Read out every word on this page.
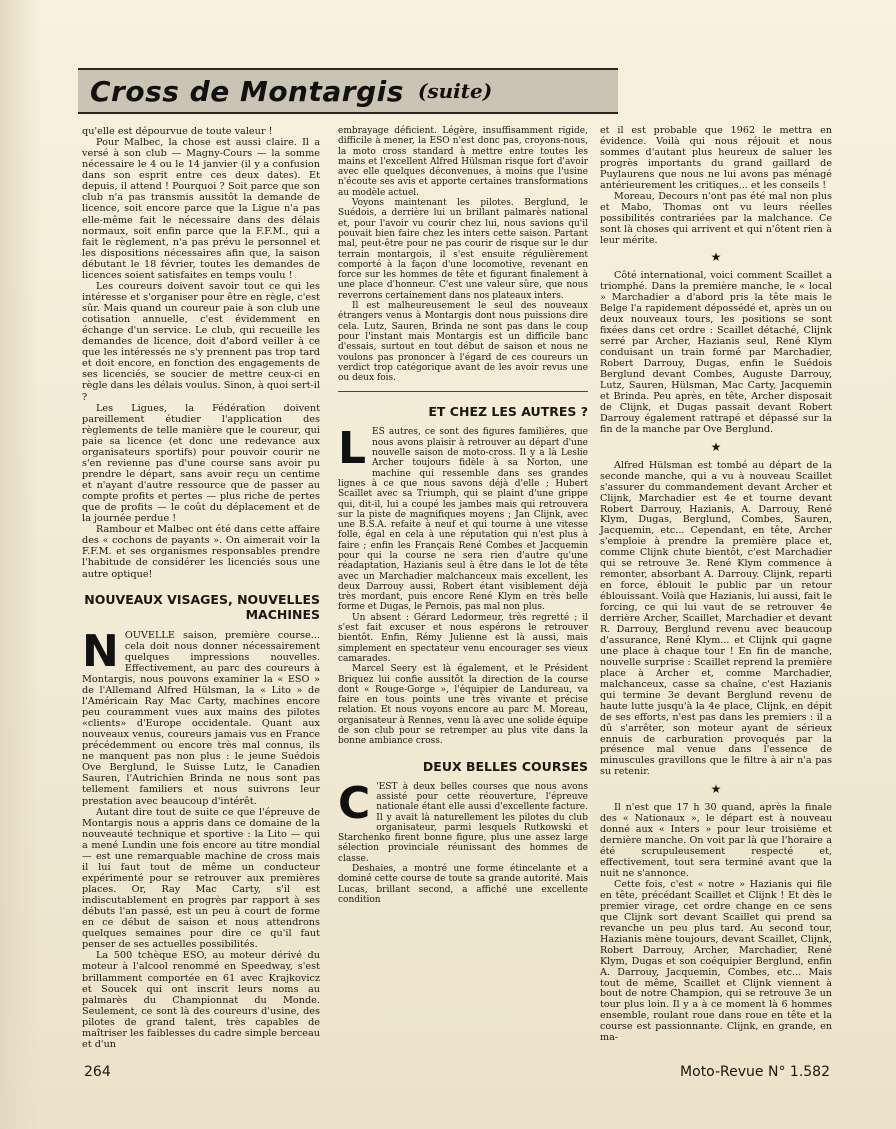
Cross de Montargis (suite)

qu'elle est dépourvue de toute valeur !

Pour Malbec, la chose est aussi claire. Il a versé à son club — Magny-Cours — la somme nécessaire le 4 ou le 14 janvier (il y a confusion dans son esprit entre ces deux dates). Et depuis, il attend ! Pourquoi ? Soit parce que son club n'a pas transmis aussitôt la demande de licence, soit encore parce que la Ligue n'a pas elle-même fait le nécessaire dans des délais normaux, soit enfin parce que la F.F.M., qui a fait le règlement, n'a pas prévu le personnel et les dispositions nécessaires afin que, la saison débutant le 18 février, toutes les demandes de licences soient satisfaites en temps voulu !

Les coureurs doivent savoir tout ce qui les intéresse et s'organiser pour être en règle, c'est sûr. Mais quand un coureur paie à son club une cotisation annuelle, c'est évidemment en échange d'un service. Le club, qui recueille les demandes de licence, doit d'abord veiller à ce que les intéressés ne s'y prennent pas trop tard et doit encore, en fonction des engagements de ses licenciés, se soucier de mettre ceux-ci en règle dans les délais voulus. Sinon, à quoi sert-il ?

Les Ligues, la Fédération doivent pareillement étudier l'application des règlements de telle manière que le coureur, qui paie sa licence (et donc une redevance aux organisateurs sportifs) pour pouvoir courir ne s'en revienne pas d'une course sans avoir pu prendre le départ, sans avoir reçu un centime et n'ayant d'autre ressource que de passer au compte profits et pertes — plus riche de pertes que de profits — le coût du déplacement et de la journée perdue !

Rambour et Malbec ont été dans cette affaire des « cochons de payants ». On aimerait voir la F.F.M. et ses organismes responsables prendre l'habitude de considérer les licenciés sous une autre optique!

NOUVEAUX VISAGES, NOUVELLES MACHINES

NOUVELLE saison, première course... cela doit nous donner nécessairement quelques impressions nouvelles. Effectivement, au parc des coureurs à Montargis, nous pouvons examiner la « ESO » de l'Allemand Alfred Hülsman, la « Lito » de l'Américain Ray Mac Carty, machines encore peu couramment vues aux mains des pilotes «clients» d'Europe occidentale. Quant aux nouveaux venus, coureurs jamais vus en France précédemment ou encore très mal connus, ils ne manquent pas non plus : le jeune Suédois Ove Berglund, le Suisse Lutz, le Canadien Sauren, l'Autrichien Brinda ne nous sont pas tellement familiers et nous suivrons leur prestation avec beaucoup d'intérêt.

Autant dire tout de suite ce que l'épreuve de Montargis nous a appris dans ce domaine de la nouveauté technique et sportive : la Lito — qui a mené Lundin une fois encore au titre mondial — est une remarquable machine de cross mais il lui faut tout de même un conducteur expérimenté pour se retrouver aux premières places. Or, Ray Mac Carty, s'il est indiscutablement en progrès par rapport à ses débuts l'an passé, est un peu à court de forme en ce début de saison et nous attendrons quelques semaines pour dire ce qu'il faut penser de ses actuelles possibilités.

La 500 tchèque ESO, au moteur dérivé du moteur à l'alcool renommé en Speedway, s'est brillamment comportée en 61 avec Krajkovicz et Soucek qui ont inscrit leurs noms au palmarès du Championnat du Monde. Seulement, ce sont là des coureurs d'usine, des pilotes de grand talent, très capables de maîtriser les faiblesses du cadre simple berceau et d'un

embrayage déficient. Légère, insuffisamment rigide, difficile à mener, la ESO n'est donc pas, croyons-nous, la moto cross standard à mettre entre toutes les mains et l'excellent Alfred Hülsman risque fort d'avoir avec elle quelques déconvenues, à moins que l'usine n'écoute ses avis et apporte certaines transformations au modèle actuel.

Voyons maintenant les pilotes. Berglund, le Suédois, a derrière lui un brillant palmarès national et, pour l'avoir vu courir chez lui, nous savions qu'il pouvait bien faire chez les inters cette saison. Partant mal, peut-être pour ne pas courir de risque sur le dur terrain montargois, il s'est ensuite régulièrement comporté à la façon d'une locomotive, revenant en force sur les hommes de tête et figurant finalement à une place d'honneur. C'est une valeur sûre, que nous reverrons certainement dans nos plateaux inters.

Il est malheureusement le seul des nouveaux étrangers venus à Montargis dont nous puissions dire cela. Lutz, Sauren, Brinda ne sont pas dans le coup pour l'instant mais Montargis est un difficile banc d'essais, surtout en tout début de saison et nous ne voulons pas prononcer à l'égard de ces coureurs un verdict trop catégorique avant de les avoir revus une ou deux fois.

ET CHEZ LES AUTRES ?

LES autres, ce sont des figures familières, que nous avons plaisir à retrouver au départ d'une nouvelle saison de moto-cross. Il y a là Leslie Archer toujours fidèle à sa Norton, une machine qui ressemble dans ses grandes lignes à ce que nous savons déjà d'elle ; Hubert Scaillet avec sa Triumph, qui se plaint d'une grippe qui, dit-il, lui a coupé les jambes mais qui retrouvera sur la piste de magnifiques moyens ; Jan Clijnk, avec une B.S.A. refaite à neuf et qui tourne à une vitesse folle, égal en cela à une réputation qui n'est plus à faire ; enfin les Français René Combes et Jacquemin pour qui la course ne sera rien d'autre qu'une réadaptation, Hazianis seul à être dans le lot de tête avec un Marchadier malchanceux mais excellent, les deux Darrouy aussi, Robert étant visiblement déjà très mordant, puis encore René Klym en très belle forme et Dugas, le Pernois, pas mal non plus.

Un absent : Gérard Ledormeur, très regretté ; il s'est fait excuser et nous espérons le retrouver bientôt. Enfin, Rémy Julienne est là aussi, mais simplement en spectateur venu encourager ses vieux camarades.

Marcel Seery est là également, et le Président Briquez lui confie aussitôt la direction de la course dont « Rouge-Gorge », l'équipier de Landureau, va faire en tous points une très vivante et précise relation. Et nous voyons encore au parc M. Moreau, organisateur à Rennes, venu là avec une solide équipe de son club pour se retremper au plus vite dans la bonne ambiance cross.

DEUX BELLES COURSES

C 'EST à deux belles courses que nous avons assisté pour cette réouverture, l'épreuve nationale étant elle aussi d'excellente facture. Il y avait là naturellement les pilotes du club organisateur, parmi lesquels Rutkowski et Starchenko firent bonne figure, plus une assez large sélection provinciale réunissant des hommes de classe.

Deshaies, a montré une forme étincelante et a dominé cette course de toute sa grande autorité. Mais Lucas, brillant second, a affiché une excellente condition

et il est probable que 1962 le mettra en évidence. Voilà qui nous réjouit et nous sommes d'autant plus heureux de saluer les progrès importants du grand gaillard de Puylaurens que nous ne lui avons pas ménagé antérieurement les critiques... et les conseils !

Moreau, Decours n'ont pas été mal non plus et Mabo, Thomas ont vu leurs réelles possibilités contrariées par la malchance. Ce sont là choses qui arrivent et qui n'ôtent rien à leur mérite.

★

Côté international, voici comment Scaillet a triomphé. Dans la première manche, le « local » Marchadier a d'abord pris la tête mais le Belge l'a rapidement dépossédé et, après un ou deux nouveaux tours, les positions se sont fixées dans cet ordre : Scaillet détaché, Clijnk serré par Archer, Hazianis seul, René Klym conduisant un train formé par Marchadier, Robert Darrouy, Dugas, enfin le Suédois Berglund devant Combes, Auguste Darrouy, Lutz, Sauren, Hülsman, Mac Carty, Jacquemin et Brinda. Peu après, en tête, Archer disposait de Clijnk, et Dugas passait devant Robert Darrouy également rattrapé et dépassé sur la fin de la manche par Ove Berglund.

★

Alfred Hülsman est tombé au départ de la seconde manche, qui a vu à nouveau Scaillet s'assurer du commandement devant Archer et Clijnk, Marchadier est 4e et tourne devant Robert Darrouy, Hazianis, A. Darrouy, René Klym, Dugas, Berglund, Combes, Sauren, Jacquemin, etc... Cependant, en tête, Archer s'emploie à prendre la première place et, comme Clijnk chute bientôt, c'est Marchadier qui se retrouve 3e. René Klym commence à remonter, absorbant A. Darrouy. Clijnk, reparti en force, éblouit le public par un retour éblouissant. Voilà que Hazianis, lui aussi, fait le forcing, ce qui lui vaut de se retrouver 4e derrière Archer, Scaillet, Marchadier et devant R. Darrouy, Berglund revenu avec beaucoup d'assurance, René Klym... et Clijnk qui gagne une place à chaque tour ! En fin de manche, nouvelle surprise : Scaillet reprend la première place à Archer et, comme Marchadier, malchanceux, casse sa chaîne, c'est Hazianis qui termine 3e devant Berglund revenu de haute lutte jusqu'à la 4e place, Clijnk, en dépit de ses efforts, n'est pas dans les premiers : il a dû s'arrêter, son moteur ayant de sérieux ennuis de carburation provoqués par la présence mal venue dans l'essence de minuscules gravillons que le filtre à air n'a pas su retenir.

★

Il n'est que 17 h 30 quand, après la finale des « Nationaux », le départ est à nouveau donné aux « Inters » pour leur troisième et dernière manche. On voit par là que l'horaire a été scrupuleusement respecté et, effectivement, tout sera terminé avant que la nuit ne s'annonce.

Cette fois, c'est « notre » Hazianis qui file en tête, précédant Scaillet et Clijnk ! Et dès le premier virage, cet ordre change en ce sens que Clijnk sort devant Scaillet qui prend sa revanche un peu plus tard. Au second tour, Hazianis mène toujours, devant Scaillet, Clijnk, Robert Darrouy, Archer, Marchadier, René Klym, Dugas et son coéquipier Berglund, enfin A. Darrouy, Jacquemin, Combes, etc... Mais tout de même, Scaillet et Clijnk viennent à bout de notre Champion, qui se retrouve 3e un tour plus loin. Il y a à ce moment là 6 hommes ensemble, roulant roue dans roue en tête et la course est passionnante. Clijnk, en grande, en ma-

264	Moto-Revue N° 1.582
